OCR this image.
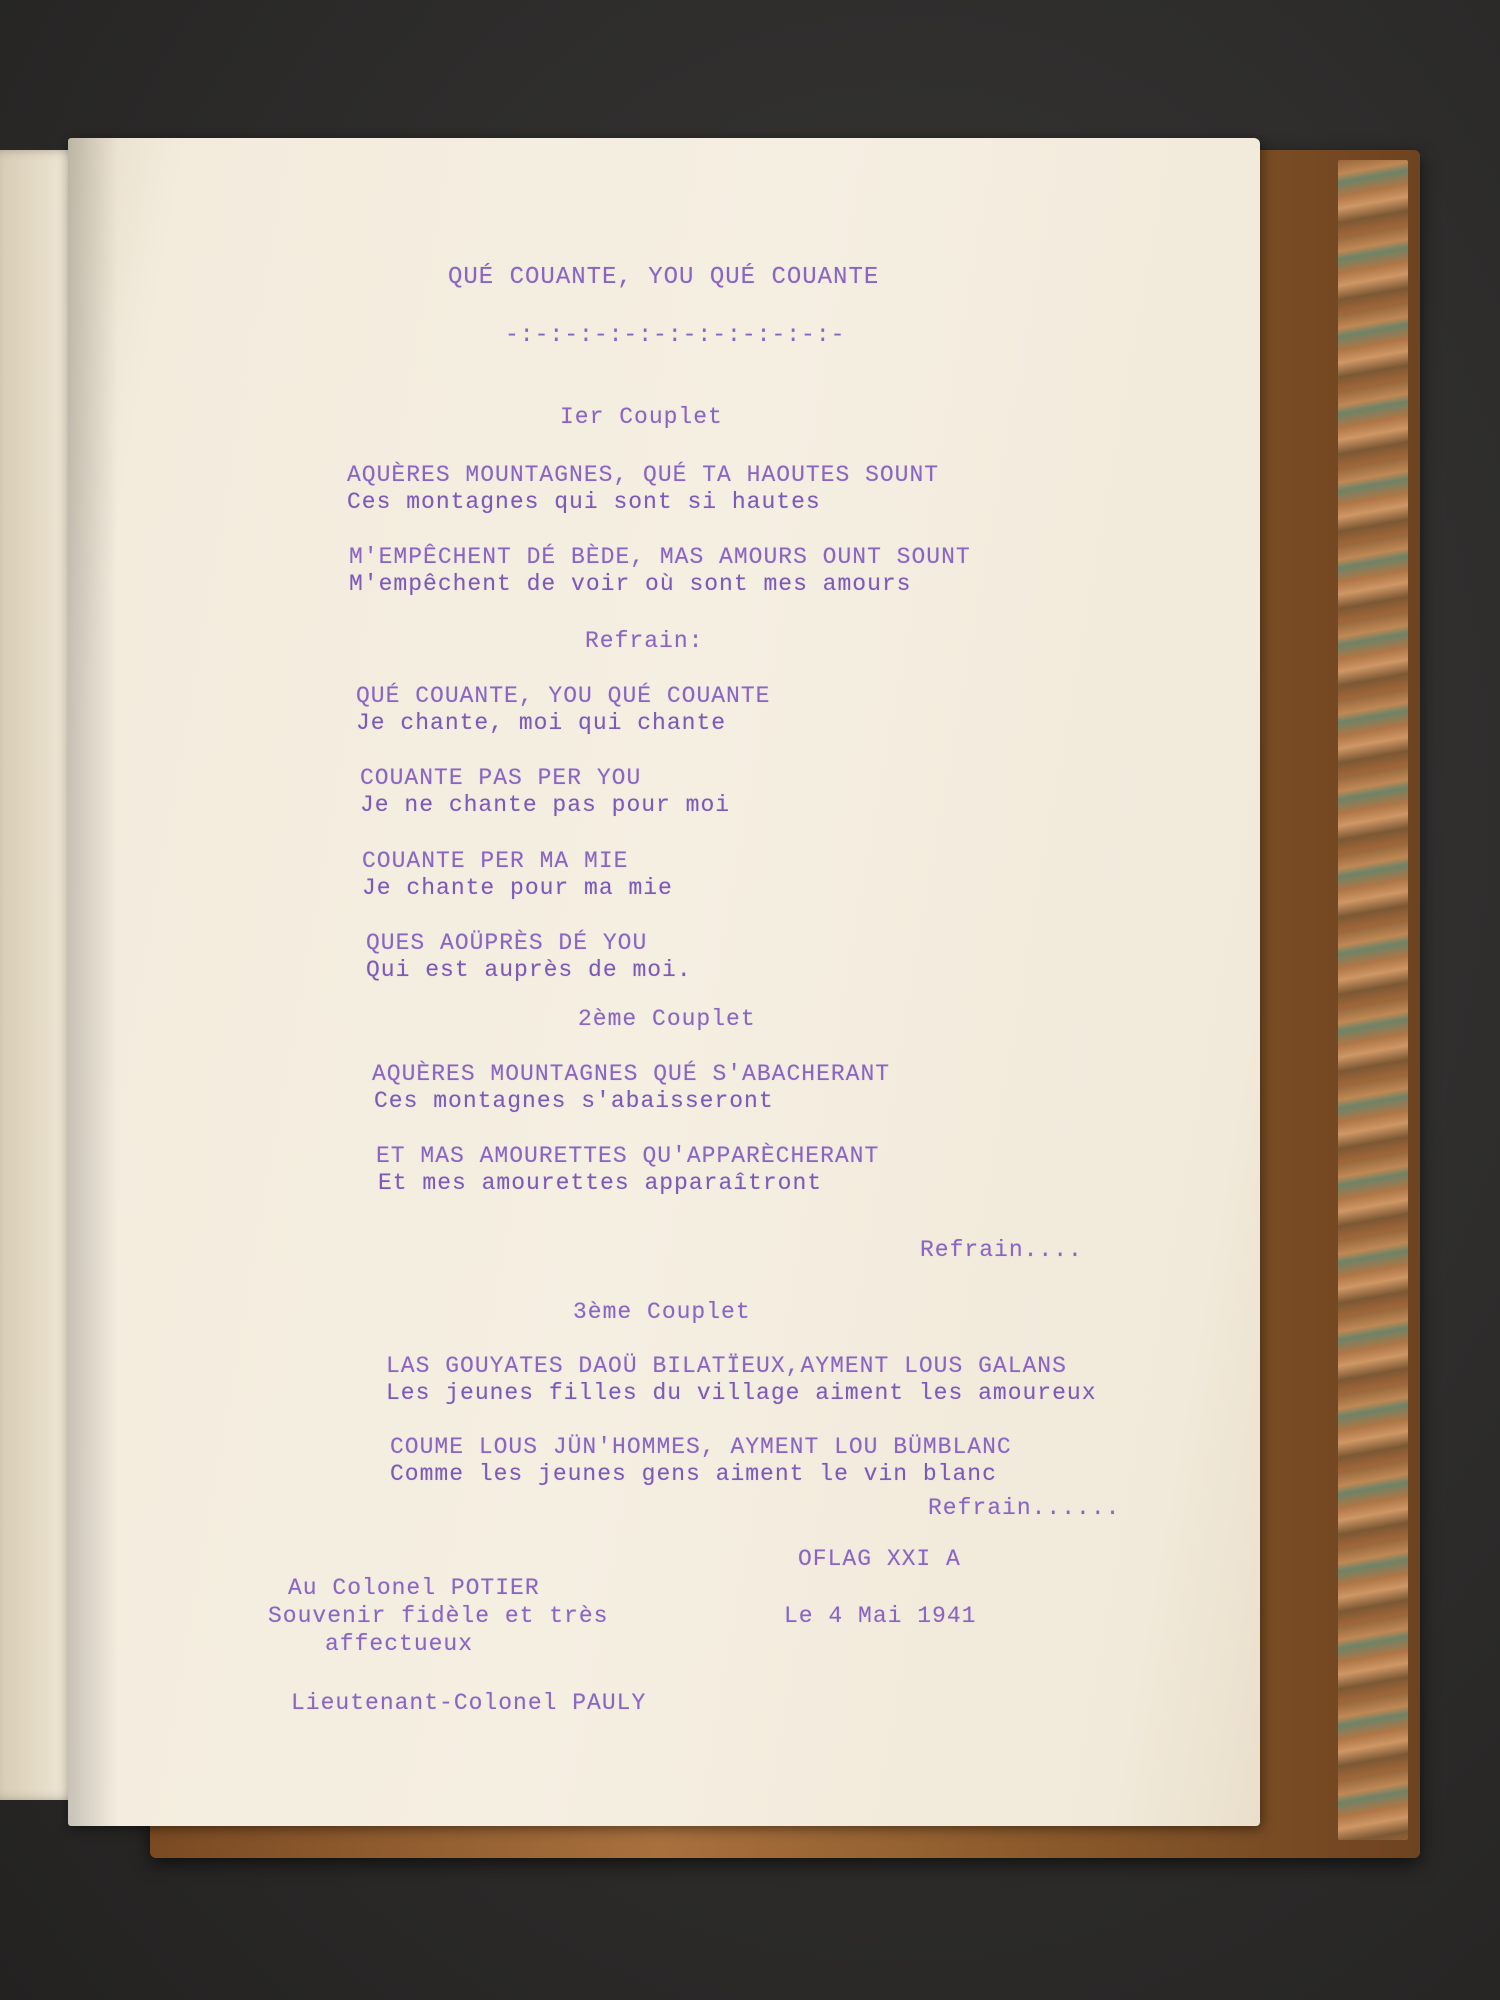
QUÉ COUANTE, YOU QUÉ COUANTE

-:-:-:-:-:-:-:-:-:-:-:-

Ier Couplet

AQUÈRES MOUNTAGNES, QUÉ TA HAOUTES SOUNT

Ces montagnes qui sont si hautes

M'EMPÊCHENT DÉ BÈDE, MAS AMOURS OUNT SOUNT

M'empêchent de voir où sont mes amours

Refrain:

QUÉ COUANTE, YOU QUÉ COUANTE

Je chante, moi qui chante

COUANTE PAS PER YOU

Je ne chante pas pour moi

COUANTE PER MA MIE

Je chante pour ma mie

QUES AOÜPRÈS DÉ YOU

Qui est auprès de moi.

2ème Couplet

AQUÈRES MOUNTAGNES QUÉ S'ABACHERANT

Ces montagnes s'abaisseront

ET MAS AMOURETTES QU'APPARÈCHERANT

Et mes amourettes apparaîtront

Refrain....

3ème Couplet

LAS GOUYATES DAOÜ BILATÏEUX,AYMENT LOUS GALANS

Les jeunes filles du village aiment les amoureux

COUME LOUS JÜN'HOMMES, AYMENT LOU BÜMBLANC

Comme les jeunes gens aiment le vin blanc

Refrain......

Au Colonel POTIER

Souvenir fidèle et très

affectueux

Lieutenant-Colonel PAULY

OFLAG XXI A

Le 4 Mai 1941
